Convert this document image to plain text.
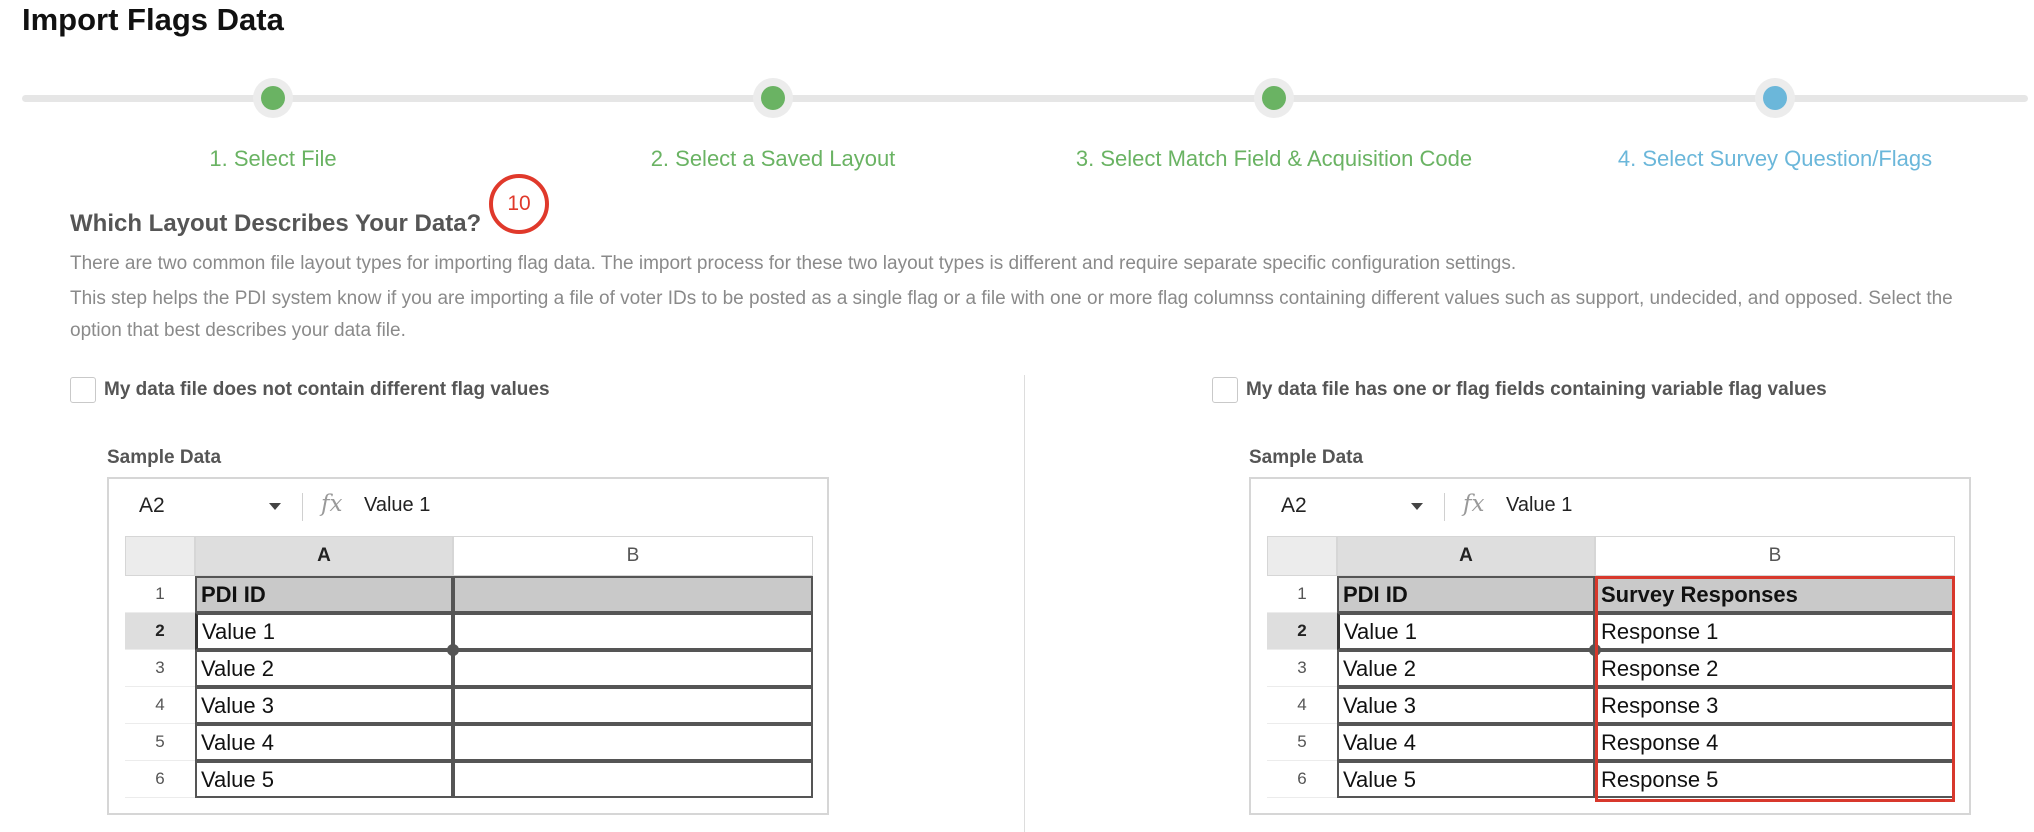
Import Flags Data
1. Select File	2. Select a Saved Layout	3. Select Match Field & Acquisition Code	4. Select Survey Question/Flags
Which Layout Describes Your Data?
10
There are two common file layout types for importing flag data. The import process for these two layout types is different and require separate specific configuration settings.
This step helps the PDI system know if you are importing a file of voter IDs to be posted as a single flag or a file with one or more flag columnss containing different values such as support, undecided, and opposed. Select the option that best describes your data file.
My data file does not contain different flag values
Sample Data
A2	fx Value 1
A	B
1	PDI ID
2	Value 1
3	Value 2
4	Value 3
5	Value 4
6	Value 5
My data file has one or flag fields containing variable flag values
Sample Data
A2	fx Value 1
A	B
1	PDI ID	Survey Responses
2	Value 1	Response 1
3	Value 2	Response 2
4	Value 3	Response 3
5	Value 4	Response 4
6	Value 5	Response 5
